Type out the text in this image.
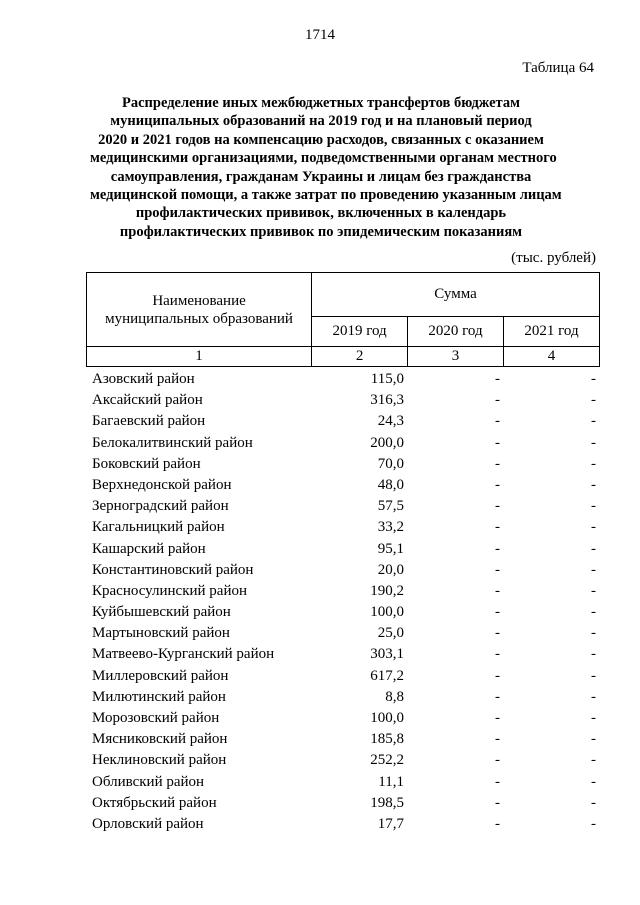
1714
Таблица 64
Распределение иных межбюджетных трансфертов бюджетам
муниципальных образований на 2019 год и на плановый период
2020 и 2021 годов на компенсацию расходов, связанных с оказанием
медицинскими организациями, подведомственными органам местного
самоуправления, гражданам Украины и лицам без гражданства
медицинской помощи, а также затрат по проведению указанным лицам
профилактических прививок, включенных в календарь
профилактических прививок по эпидемическим показаниям
(тыс. рублей)
Наименование
муниципальных образований	Сумма		
	2019 год	2020 год	2021 год
1	2	3	4
Азовский район	115,0	-	-
Аксайский район	316,3	-	-
Багаевский район	24,3	-	-
Белокалитвинский район	200,0	-	-
Боковский район	70,0	-	-
Верхнедонской район	48,0	-	-
Зерноградский район	57,5	-	-
Кагальницкий район	33,2	-	-
Кашарский район	95,1	-	-
Константиновский район	20,0	-	-
Красносулинский район	190,2	-	-
Куйбышевский район	100,0	-	-
Мартыновский район	25,0	-	-
Матвеево-Курганский район	303,1	-	-
Миллеровский район	617,2	-	-
Милютинский район	8,8	-	-
Морозовский район	100,0	-	-
Мясниковский район	185,8	-	-
Неклиновский район	252,2	-	-
Обливский район	11,1	-	-
Октябрьский район	198,5	-	-
Орловский район	17,7	-	-
